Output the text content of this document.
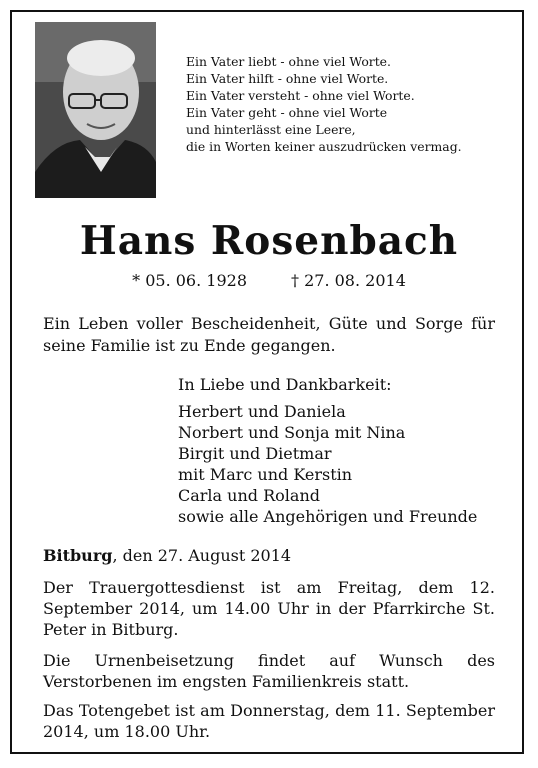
Ein Vater liebt - ohne viel Worte.
Ein Vater hilft - ohne viel Worte.
Ein Vater versteht - ohne viel Worte.
Ein Vater geht - ohne viel Worte
und hinterlässt eine Leere,
die in Worten keiner auszudrücken vermag.
Hans Rosenbach
* 05. 06. 1928	† 27. 08. 2014
Ein Leben voller Bescheidenheit, Güte und Sorge für seine Familie ist zu Ende gegangen.
In Liebe und Dankbarkeit:
Herbert und Daniela
Norbert und Sonja mit Nina
Birgit und Dietmar
mit Marc und Kerstin
Carla und Roland
sowie alle Angehörigen und Freunde
Bitburg, den 27. August 2014
Der Trauergottesdienst ist am Freitag, dem 12. September 2014, um 14.00 Uhr in der Pfarrkirche St. Peter in Bitburg.
Die Urnenbeisetzung findet auf Wunsch des Verstorbenen im engsten Familienkreis statt.
Das Totengebet ist am Donnerstag, dem 11. September 2014, um 18.00 Uhr.
